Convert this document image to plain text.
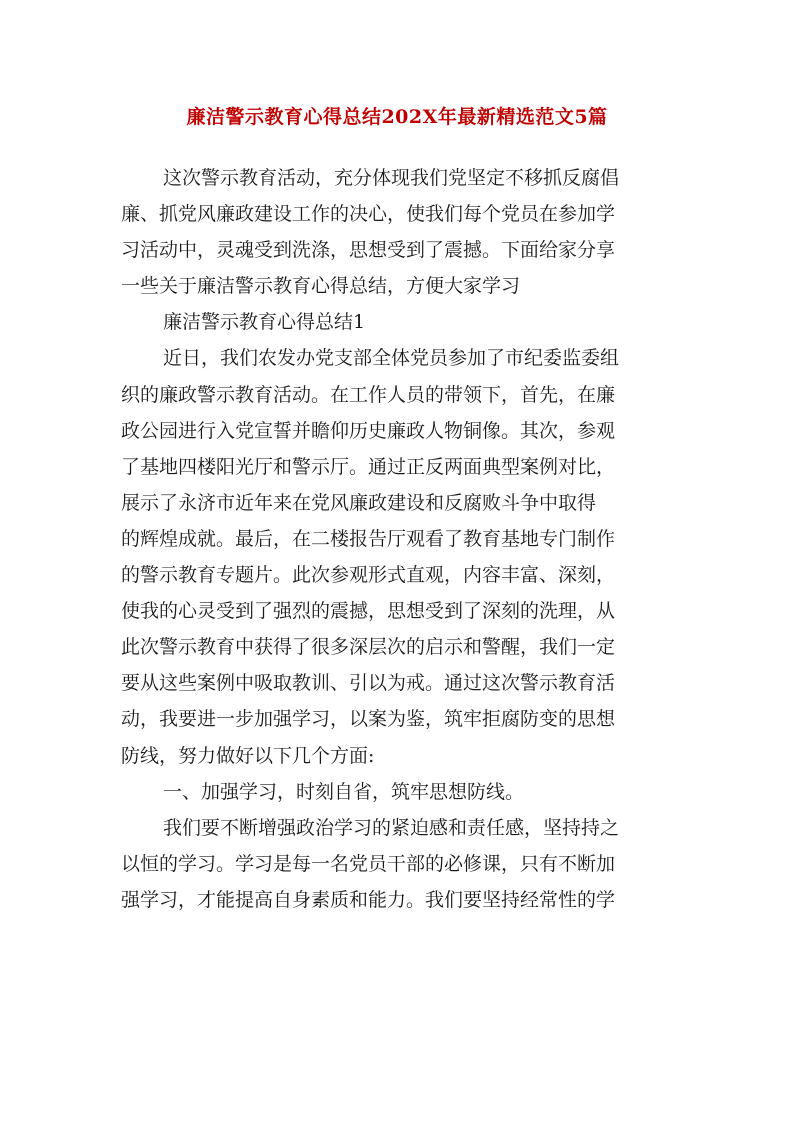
廉洁警示教育心得总结202X年最新精选范文5篇
这次警示教育活动，充分体现我们党坚定不移抓反腐倡
廉、抓党风廉政建设工作的决心，使我们每个党员在参加学
习活动中，灵魂受到洗涤，思想受到了震撼。下面给家分享
一些关于廉洁警示教育心得总结，方便大家学习
廉洁警示教育心得总结1
近日，我们农发办党支部全体党员参加了市纪委监委组
织的廉政警示教育活动。在工作人员的带领下，首先，在廉
政公园进行入党宣誓并瞻仰历史廉政人物铜像。其次，参观
了基地四楼阳光厅和警示厅。通过正反两面典型案例对比，
展示了永济市近年来在党风廉政建设和反腐败斗争中取得
的辉煌成就。最后，在二楼报告厅观看了教育基地专门制作
的警示教育专题片。此次参观形式直观，内容丰富、深刻，
使我的心灵受到了强烈的震撼，思想受到了深刻的洗理，从
此次警示教育中获得了很多深层次的启示和警醒，我们一定
要从这些案例中吸取教训、引以为戒。通过这次警示教育活
动，我要进一步加强学习，以案为鉴，筑牢拒腐防变的思想
防线，努力做好以下几个方面:
一、加强学习，时刻自省，筑牢思想防线。
我们要不断增强政治学习的紧迫感和责任感，坚持持之
以恒的学习。学习是每一名党员干部的必修课，只有不断加
强学习，才能提高自身素质和能力。我们要坚持经常性的学
